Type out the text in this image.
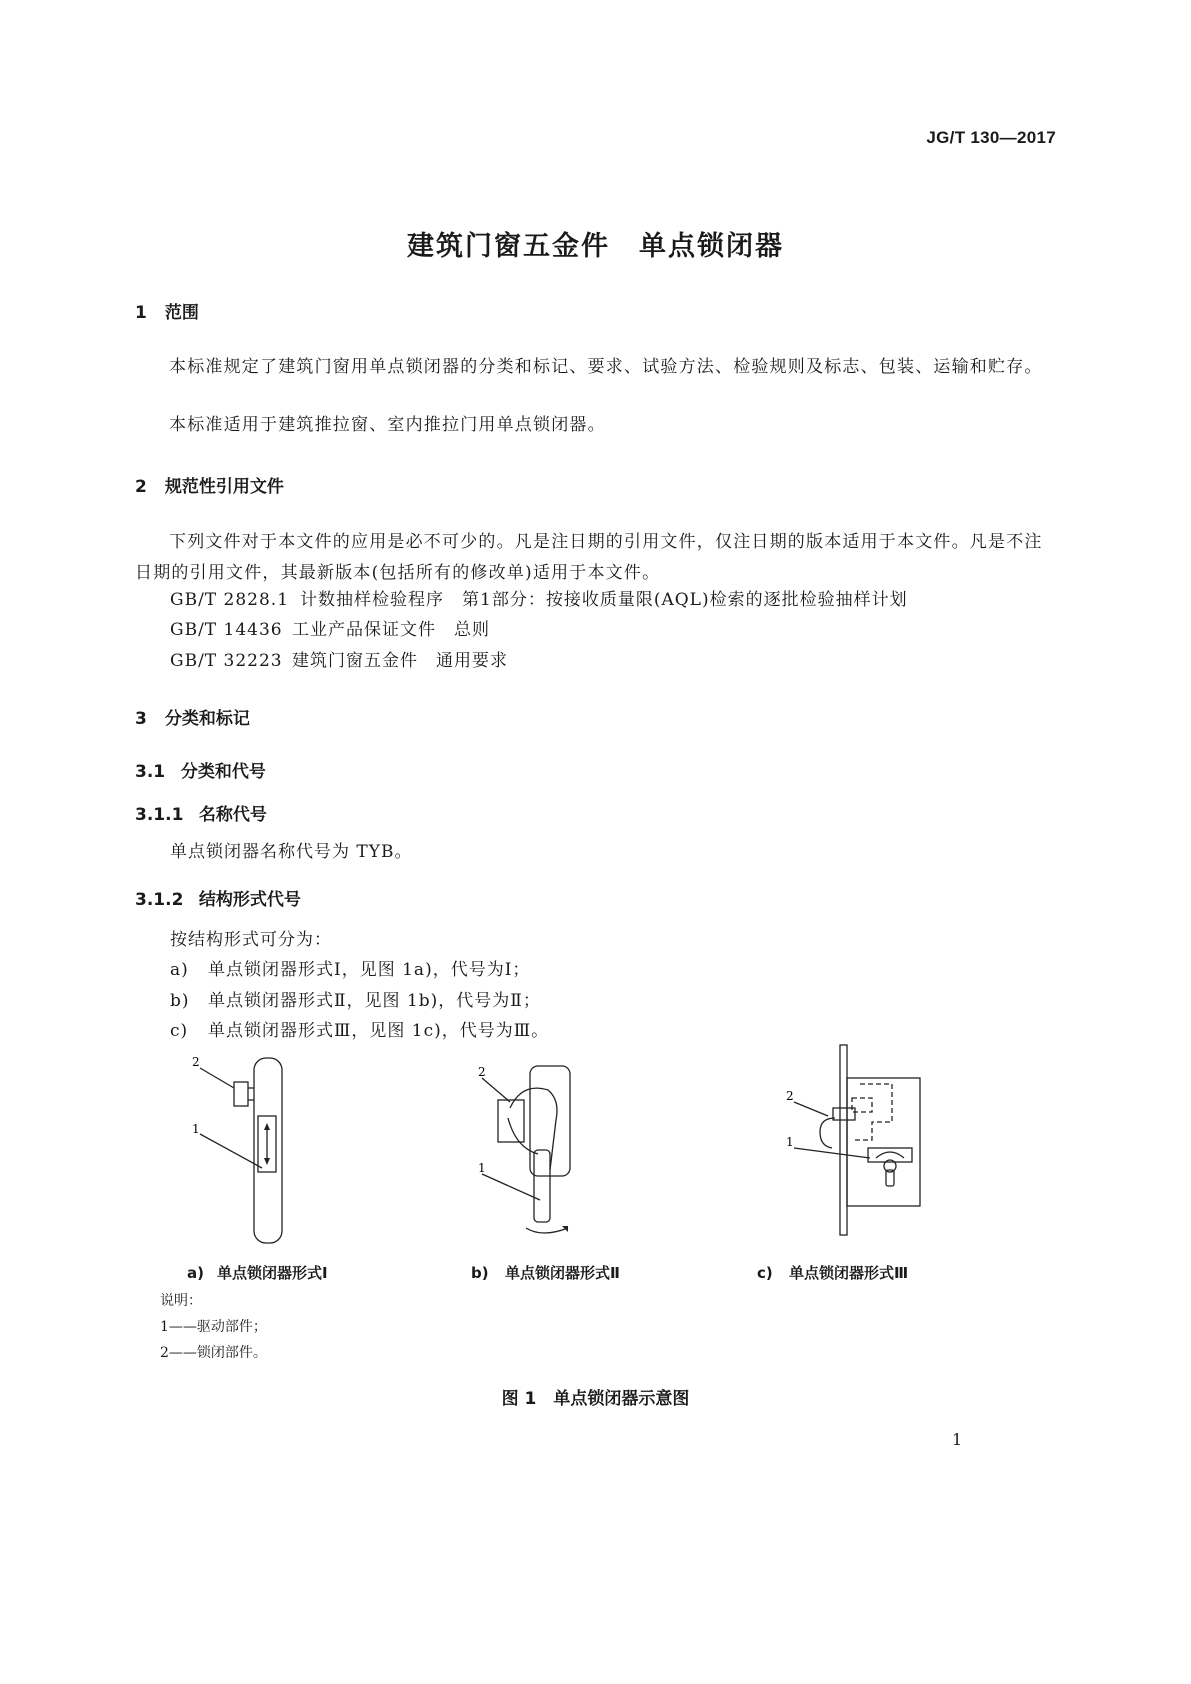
JG/T 130—2017
建筑门窗五金件　单点锁闭器
1 范围
本标准规定了建筑门窗用单点锁闭器的分类和标记、要求、试验方法、检验规则及标志、包装、运输和贮存。
本标准适用于建筑推拉窗、室内推拉门用单点锁闭器。
2 规范性引用文件
下列文件对于本文件的应用是必不可少的。凡是注日期的引用文件，仅注日期的版本适用于本文件。凡是不注日期的引用文件，其最新版本(包括所有的修改单)适用于本文件。
GB/T 2828.1 计数抽样检验程序　第1部分：按接收质量限(AQL)检索的逐批检验抽样计划
GB/T 14436 工业产品保证文件　总则
GB/T 32223 建筑门窗五金件　通用要求
3 分类和标记
3.1 分类和代号
3.1.1 名称代号
单点锁闭器名称代号为 TYB。
3.1.2 结构形式代号
按结构形式可分为：
a) 单点锁闭器形式Ⅰ，见图 1a)，代号为Ⅰ；
b) 单点锁闭器形式Ⅱ，见图 1b)，代号为Ⅱ；
c) 单点锁闭器形式Ⅲ，见图 1c)，代号为Ⅲ。
2
1
2
1
2
1
a) 单点锁闭器形式Ⅰ	b) 单点锁闭器形式Ⅱ	c) 单点锁闭器形式Ⅲ
说明：
1——驱动部件；
2——锁闭部件。
图 1　单点锁闭器示意图
1
